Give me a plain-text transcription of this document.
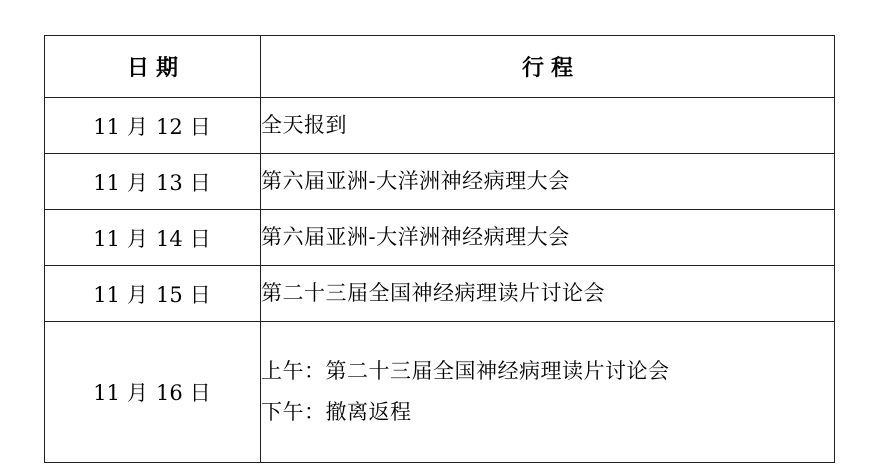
日期	行程
11 月 12 日	全天报到

11 月 13 日	第六届亚洲-大洋洲神经病理大会

11 月 14 日	第六届亚洲-大洋洲神经病理大会

11 月 15 日	第二十三届全国神经病理读片讨论会

11 月 16 日	上午：第二十三届全国神经病理读片讨论会
下午：撤离返程
